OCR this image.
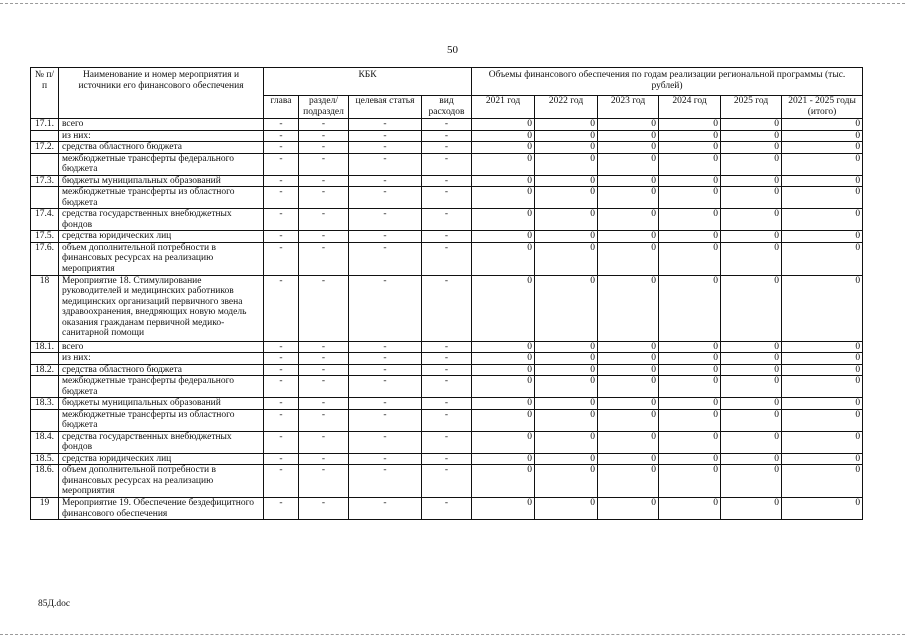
50
№ п/п	Наименование и номер мероприятия и источники его финансового обеспечения	КБК				Объемы финансового обеспечения по годам реализации региональной программы (тыс. рублей)					
		глава	раздел/ подраздел	целевая статья	вид расходов	2021 год	2022 год	2023 год	2024 год	2025 год	2021 - 2025 годы (итого)
17.1.	всего	-	-	-	-	0	0	0	0	0	0
	из них:	-	-	-	-	0	0	0	0	0	0
17.2.	средства областного бюджета	-	-	-	-	0	0	0	0	0	0
	межбюджетные трансферты федерального бюджета	-	-	-	-	0	0	0	0	0	0
17.3.	бюджеты муниципальных образований	-	-	-	-	0	0	0	0	0	0
	межбюджетные трансферты из областного бюджета	-	-	-	-	0	0	0	0	0	0
17.4.	средства государственных внебюджетных фондов	-	-	-	-	0	0	0	0	0	0
17.5.	средства юридических лиц	-	-	-	-	0	0	0	0	0	0
17.6.	объем дополнительной потребности в финансовых ресурсах на реализацию мероприятия	-	-	-	-	0	0	0	0	0	0
18	Мероприятие 18. Стимулирование руководителей и медицинских работников медицинских организаций первичного звена здравоохранения, внедряющих новую модель оказания гражданам первичной медико-санитарной помощи	-	-	-	-	0	0	0	0	0	0
18.1.	всего	-	-	-	-	0	0	0	0	0	0
	из них:	-	-	-	-	0	0	0	0	0	0
18.2.	средства областного бюджета	-	-	-	-	0	0	0	0	0	0
	межбюджетные трансферты федерального бюджета	-	-	-	-	0	0	0	0	0	0
18.3.	бюджеты муниципальных образований	-	-	-	-	0	0	0	0	0	0
	межбюджетные трансферты из областного бюджета	-	-	-	-	0	0	0	0	0	0
18.4.	средства государственных внебюджетных фондов	-	-	-	-	0	0	0	0	0	0
18.5.	средства юридических лиц	-	-	-	-	0	0	0	0	0	0
18.6.	объем дополнительной потребности в финансовых ресурсах на реализацию мероприятия	-	-	-	-	0	0	0	0	0	0
19	Мероприятие 19. Обеспечение бездефицитного финансового обеспечения	-	-	-	-	0	0	0	0	0	0
85Д.doc
